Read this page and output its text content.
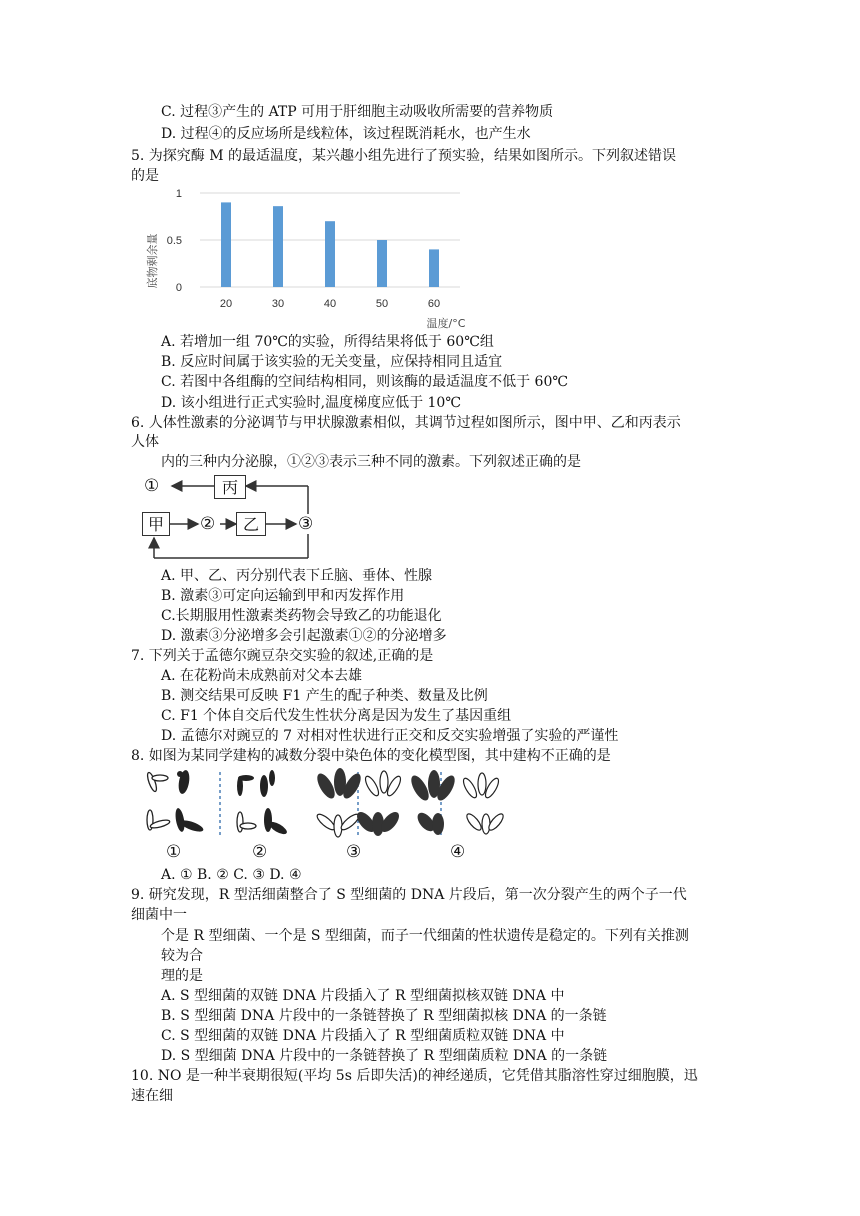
C. 过程③产生的 ATP 可用于肝细胞主动吸收所需要的营养物质
D. 过程④的反应场所是线粒体，该过程既消耗水，也产生水
5. 为探究酶 M 的最适温度，某兴趣小组先进行了预实验，结果如图所示。下列叙述错误
的是
0
0.5
1
20	30	40	50	60
底物剩余量
温度/°C
A. 若增加一组 70℃的实验，所得结果将低于 60℃组
B. 反应时间属于该实验的无关变量，应保持相同且适宜
C. 若图中各组酶的空间结构相同，则该酶的最适温度不低于 60℃
D. 该小组进行正式实验时,温度梯度应低于 10℃
6. 人体性激素的分泌调节与甲状腺激素相似，其调节过程如图所示，图中甲、乙和丙表示
人体
内的三种内分泌腺，①②③表示三种不同的激素。下列叙述正确的是
①	丙
甲	②	乙	③
A. 甲、乙、丙分别代表下丘脑、垂体、性腺
B. 激素③可定向运输到甲和丙发挥作用
C.长期服用性激素类药物会导致乙的功能退化
D. 激素③分泌增多会引起激素①②的分泌增多
7. 下列关于孟德尔豌豆杂交实验的叙述,正确的是
A. 在花粉尚未成熟前对父本去雄
B. 测交结果可反映 F1 产生的配子种类、数量及比例
C. F1 个体自交后代发生性状分离是因为发生了基因重组
D. 孟德尔对豌豆的 7 对相对性状进行正交和反交实验增强了实验的严谨性
8. 如图为某同学建构的减数分裂中染色体的变化模型图，其中建构不正确的是
①	②	③	④
A. ① B. ② C. ③ D. ④
9. 研究发现，R 型活细菌整合了 S 型细菌的 DNA 片段后，第一次分裂产生的两个子一代
细菌中一
个是 R 型细菌、一个是 S 型细菌，而子一代细菌的性状遗传是稳定的。下列有关推测
较为合
理的是
A. S 型细菌的双链 DNA 片段插入了 R 型细菌拟核双链 DNA 中
B. S 型细菌 DNA 片段中的一条链替换了 R 型细菌拟核 DNA 的一条链
C. S 型细菌的双链 DNA 片段插入了 R 型细菌质粒双链 DNA 中
D. S 型细菌 DNA 片段中的一条链替换了 R 型细菌质粒 DNA 的一条链
10. NO 是一种半衰期很短(平均 5s 后即失活)的神经递质，它凭借其脂溶性穿过细胞膜，迅
速在细
